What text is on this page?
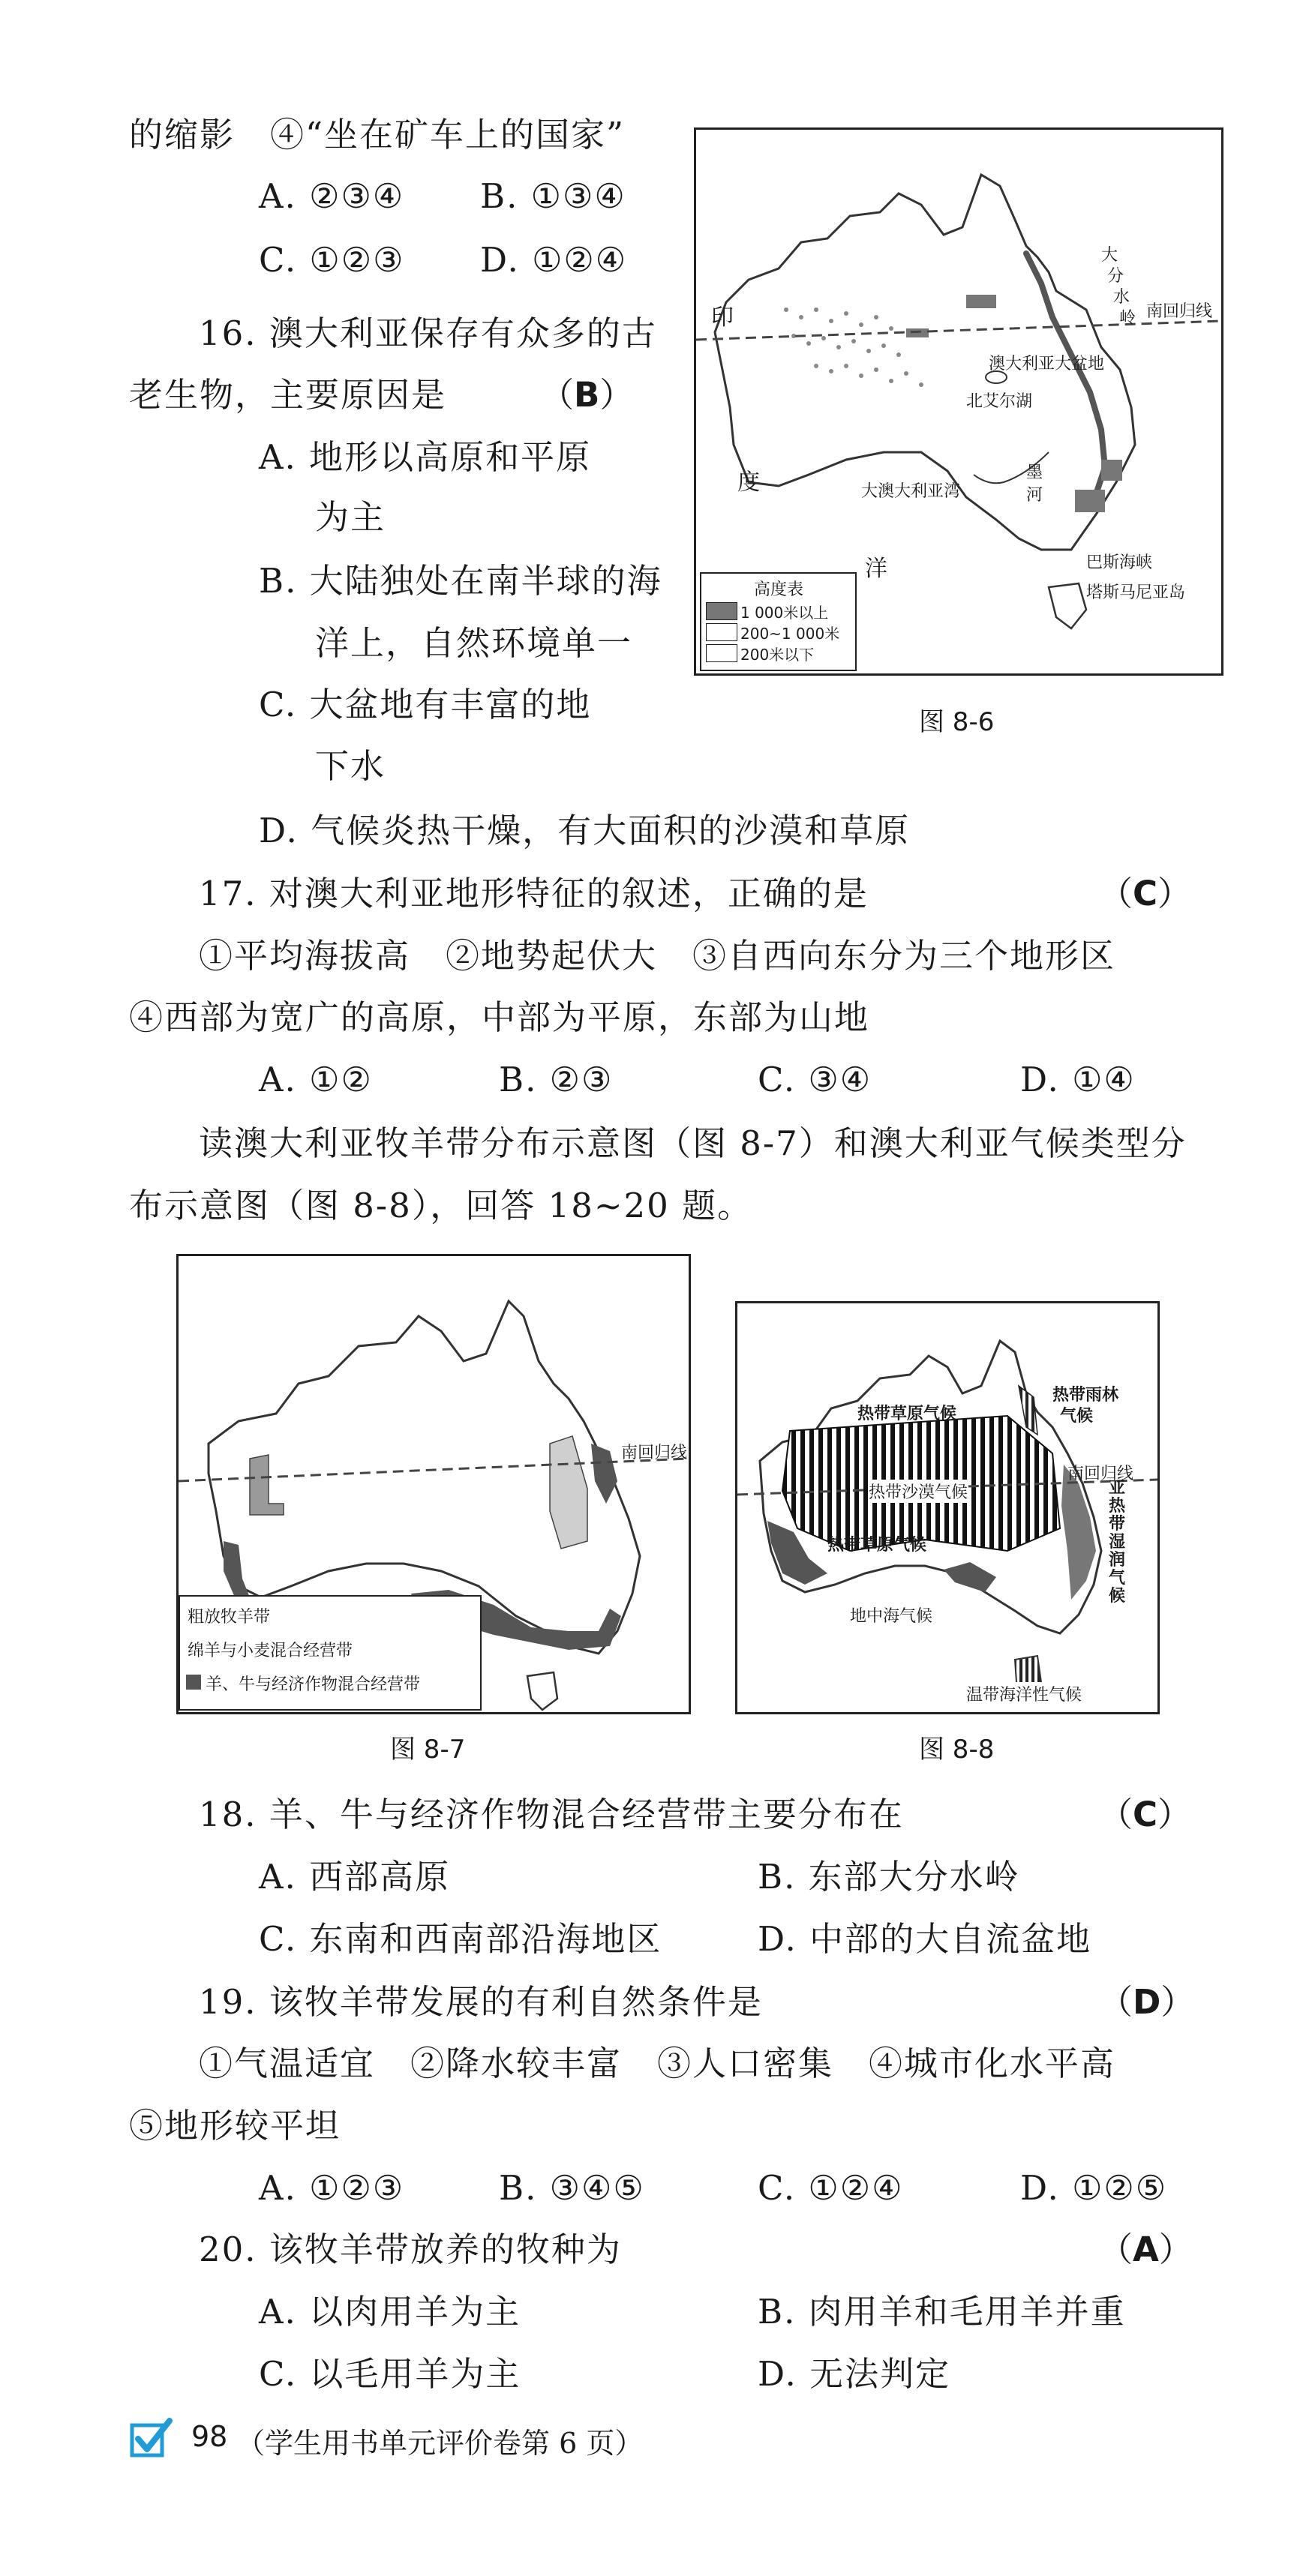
的缩影　④“坐在矿车上的国家”
A. ②③④ B. ①③④
C. ①②③ D. ①②④
16. 澳大利亚保存有众多的古
老生物，主要原因是	（B）
A. 地形以高原和平原
为主
B. 大陆独处在南半球的海
洋上，自然环境单一
C. 大盆地有丰富的地
下水
D. 气候炎热干燥，有大面积的沙漠和草原
印
度
洋
南回归线
澳大利亚大盆地
北艾尔湖
大澳大利亚湾
巴斯海峡
塔斯马尼亚岛
大
分
水
岭
墨
河
高度表
1 000米以上
200~1 000米
200米以下
图 8-6
17. 对澳大利亚地形特征的叙述，正确的是	（C）
①平均海拔高　②地势起伏大　③自西向东分为三个地形区
④西部为宽广的高原，中部为平原，东部为山地
A. ①②	B. ②③	C. ③④	D. ①④
读澳大利亚牧羊带分布示意图（图 8-7）和澳大利亚气候类型分
布示意图（图 8-8），回答 18~20 题。
南回归线
粗放牧羊带
绵羊与小麦混合经营带
羊、牛与经济作物混合经营带
图 8-7
南回归线
热带草原气候
热带沙漠气候
热带草原气候
热带雨林
气候
亚
热
带
湿
润
气
候
地中海气候
温带海洋性气候
图 8-8
18. 羊、牛与经济作物混合经营带主要分布在	（C）
A. 西部高原	B. 东部大分水岭
C. 东南和西南部沿海地区	D. 中部的大自流盆地
19. 该牧羊带发展的有利自然条件是	（D）
①气温适宜　②降水较丰富　③人口密集　④城市化水平高
⑤地形较平坦
A. ①②③	B. ③④⑤	C. ①②④	D. ①②⑤
20. 该牧羊带放养的牧种为	（A）
A. 以肉用羊为主	B. 肉用羊和毛用羊并重
C. 以毛用羊为主	D. 无法判定
98 （学生用书单元评价卷第 6 页）
